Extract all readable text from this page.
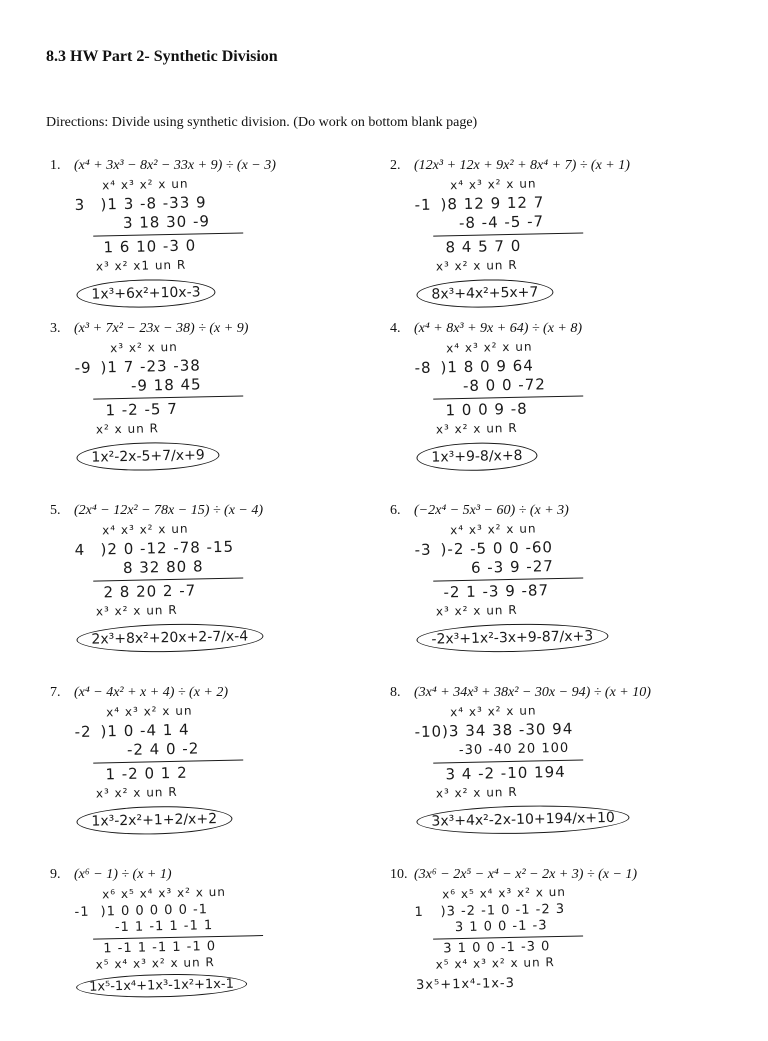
8.3 HW Part 2- Synthetic Division
Directions: Divide using synthetic division. (Do work on bottom blank page)
1. (x⁴ + 3x³ − 8x² − 33x + 9) ÷ (x − 3)
x⁴ x³ x² x un
3 )1 3 -8 -33 9
3 18 30 -9
1 6 10 -3 0
x³ x² x1 un R
1x³+6x²+10x-3
2. (12x³ + 12x + 9x² + 8x⁴ + 7) ÷ (x + 1)
x⁴ x³ x² x un
-1 )8 12 9 12 7
-8 -4 -5 -7
8 4 5 7 0
x³ x² x un R
8x³+4x²+5x+7
3. (x³ + 7x² − 23x − 38) ÷ (x + 9)
x³ x² x un
-9 )1 7 -23 -38
-9 18 45
1 -2 -5 7
x² x un R
1x²-2x-5+7/x+9
4. (x⁴ + 8x³ + 9x + 64) ÷ (x + 8)
x⁴ x³ x² x un
-8 )1 8 0 9 64
-8 0 0 -72
1 0 0 9 -8
x³ x² x un R
1x³+9-8/x+8
5. (2x⁴ − 12x² − 78x − 15) ÷ (x − 4)
x⁴ x³ x² x un
4 )2 0 -12 -78 -15
8 32 80 8
2 8 20 2 -7
x³ x² x un R
2x³+8x²+20x+2-7/x-4
6. (−2x⁴ − 5x³ − 60) ÷ (x + 3)
x⁴ x³ x² x un
-3 )-2 -5 0 0 -60
6 -3 9 -27
-2 1 -3 9 -87
x³ x² x un R
-2x³+1x²-3x+9-87/x+3
7. (x⁴ − 4x² + x + 4) ÷ (x + 2)
x⁴ x³ x² x un
-2 )1 0 -4 1 4
-2 4 0 -2
1 -2 0 1 2
x³ x² x un R
1x³-2x²+1+2/x+2
8. (3x⁴ + 34x³ + 38x² − 30x − 94) ÷ (x + 10)
x⁴ x³ x² x un
-10)3 34 38 -30 94
-30 -40 20 100
3 4 -2 -10 194
x³ x² x un R
3x³+4x²-2x-10+194/x+10
9. (x⁶ − 1) ÷ (x + 1)
x⁶ x⁵ x⁴ x³ x² x un
-1 )1 0 0 0 0 0 -1
-1 1 -1 1 -1 1
1 -1 1 -1 1 -1 0
x⁵ x⁴ x³ x² x un R
1x⁵-1x⁴+1x³-1x²+1x-1
10. (3x⁶ − 2x⁵ − x⁴ − x² − 2x + 3) ÷ (x − 1)
x⁶ x⁵ x⁴ x³ x² x un
1 )3 -2 -1 0 -1 -2 3
3 1 0 0 -1 -3
3 1 0 0 -1 -3 0
x⁵ x⁴ x³ x² x un R
3x⁵+1x⁴-1x-3
